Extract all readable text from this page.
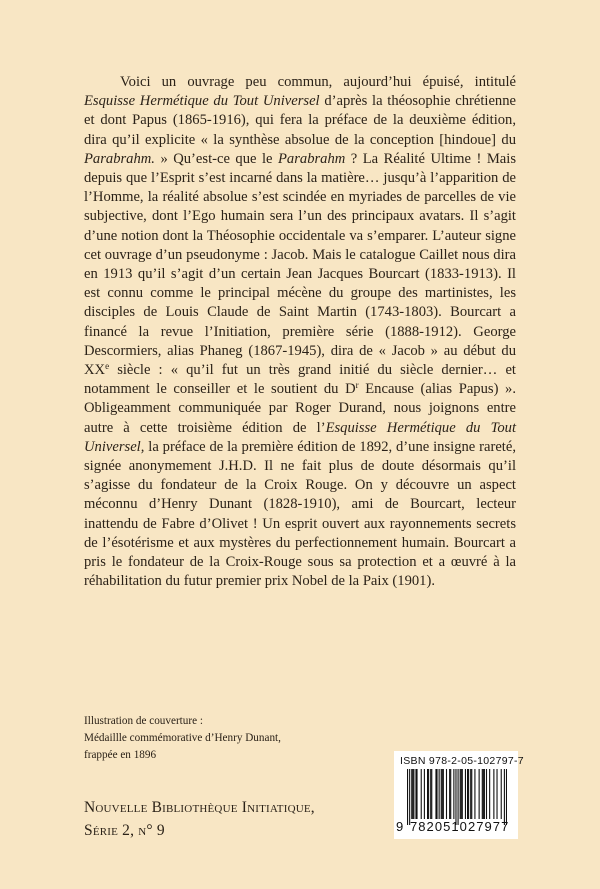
Voici un ouvrage peu commun, aujourd’hui épuisé, intitulé Esquisse Hermétique du Tout Universel d’après la théosophie chrétienne et dont Papus (1865-1916), qui fera la préface de la deuxième édition, dira qu’il explicite « la synthèse absolue de la conception [hindoue] du Parabrahm. » Qu’est-ce que le Parabrahm ? La Réalité Ultime ! Mais depuis que l’Esprit s’est incarné dans la matière… jusqu’à l’apparition de l’Homme, la réalité absolue s’est scindée en myriades de parcelles de vie subjective, dont l’Ego humain sera l’un des principaux avatars. Il s’agit d’une notion dont la Théosophie occidentale va s’emparer. L’auteur signe cet ouvrage d’un pseudonyme : Jacob. Mais le catalogue Caillet nous dira en 1913 qu’il s’agit d’un certain Jean Jacques Bourcart (1833-1913). Il est connu comme le principal mécène du groupe des martinistes, les disciples de Louis Claude de Saint Martin (1743-1803). Bourcart a financé la revue l’Initiation, première série (1888-1912). George Descormiers, alias Phaneg (1867-1945), dira de « Jacob » au début du XXe siècle : « qu’il fut un très grand initié du siècle dernier… et notamment le conseiller et le soutient du $D^r$ Encause (alias Papus) ». Obligeamment communiquée par Roger Durand, nous joignons entre autre à cette troisième édition de l’Esquisse Hermétique du Tout Universel, la préface de la première édition de 1892, d’une insigne rareté, signée anonymement J.H.D. Il ne fait plus de doute désormais qu’il s’agisse du fondateur de la Croix Rouge. On y découvre un aspect méconnu d’Henry Dunant (1828-1910), ami de Bourcart, lecteur inattendu de Fabre d’Olivet ! Un esprit ouvert aux rayonnements secrets de l’ésotérisme et aux mystères du perfectionnement humain. Bourcart a pris le fondateur de la Croix-Rouge sous sa protection et a œuvré à la réhabilitation du futur premier prix Nobel de la Paix (1901).

Illustration de couverture :
Médaillle commémorative d’Henry Dunant,
frappée en 1896
Nouvelle Bibliothèque Initiatique,
Série 2, n° 9
ISBN 978-2-05-102797-7
9 782051027977
